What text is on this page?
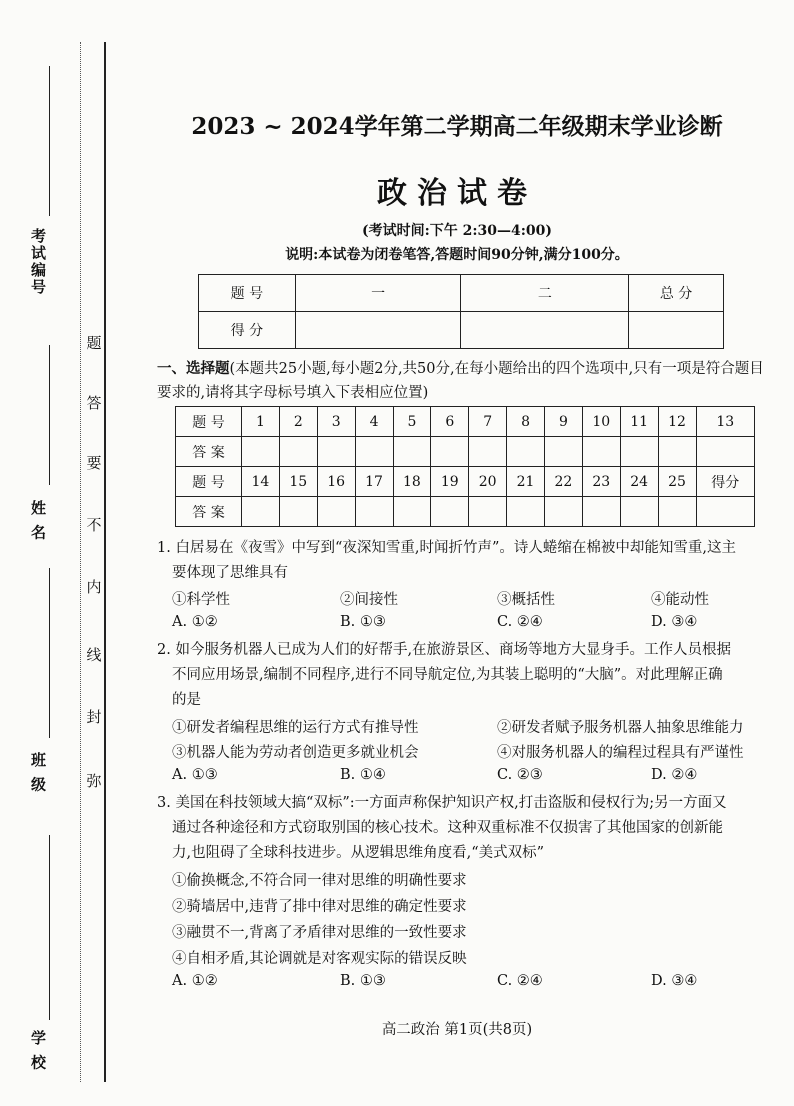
考试编号
姓 名
班 级
学 校
题
答
要
不
内
线
封
弥
2023 ~ 2024学年第二学期高二年级期末学业诊断
政治试卷
(考试时间:下午 2:30—4:00)
说明:本试卷为闭卷笔答,答题时间90分钟,满分100分。
题 号	一	二	总 分
得 分			
一、选择题(本题共25小题,每小题2分,共50分,在每小题给出的四个选项中,只有一项是符合题目要求的,请将其字母标号填入下表相应位置)
题 号	1	2	3	4	5	6	7	8	9	10	11	12	13
答 案													
题 号	14	15	16	17	18	19	20	21	22	23	24	25	得分
答 案													
1. 白居易在《夜雪》中写到“夜深知雪重,时闻折竹声”。诗人蜷缩在棉被中却能知雪重,这主
要体现了思维具有
①科学性	②间接性	③概括性	④能动性
A. ①②	B. ①③	C. ②④	D. ③④
2. 如今服务机器人已成为人们的好帮手,在旅游景区、商场等地方大显身手。工作人员根据
不同应用场景,编制不同程序,进行不同导航定位,为其装上聪明的“大脑”。对此理解正确
的是
①研发者编程思维的运行方式有推导性	②研发者赋予服务机器人抽象思维能力
③机器人能为劳动者创造更多就业机会	④对服务机器人的编程过程具有严谨性
A. ①③	B. ①④	C. ②③	D. ②④
3. 美国在科技领域大搞“双标”:一方面声称保护知识产权,打击盗版和侵权行为;另一方面又
通过各种途径和方式窃取别国的核心技术。这种双重标准不仅损害了其他国家的创新能
力,也阻碍了全球科技进步。从逻辑思维角度看,“美式双标”
①偷换概念,不符合同一律对思维的明确性要求
②骑墙居中,违背了排中律对思维的确定性要求
③融贯不一,背离了矛盾律对思维的一致性要求
④自相矛盾,其论调就是对客观实际的错误反映
A. ①②	B. ①③	C. ②④	D. ③④
高二政治 第1页(共8页)
